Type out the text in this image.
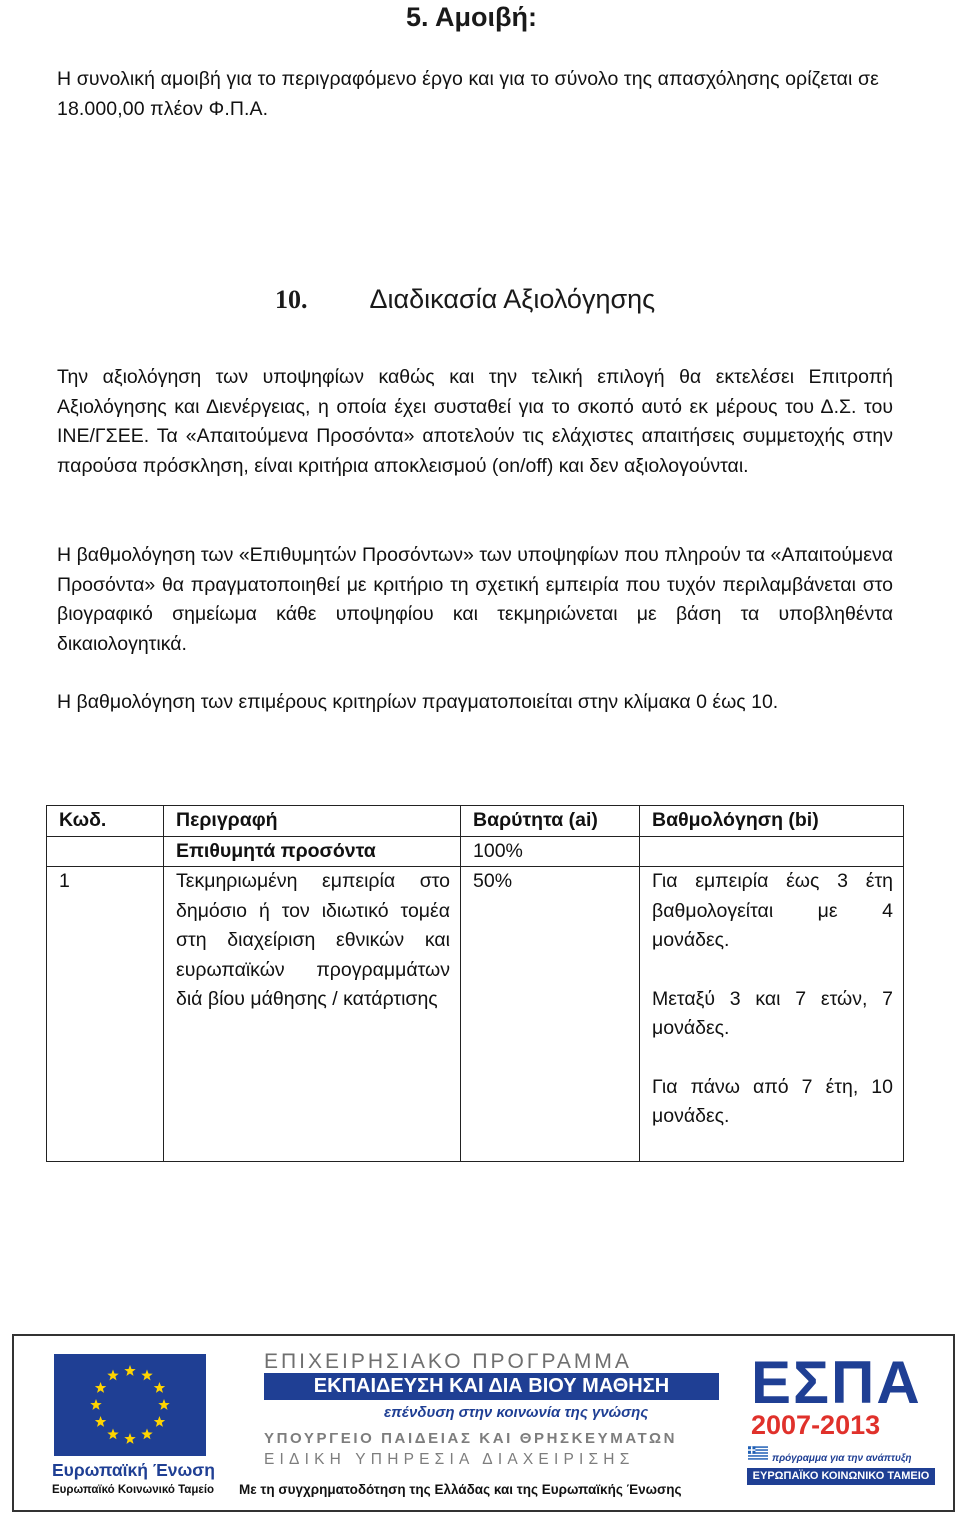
5. Αμοιβή:
Η συνολική αμοιβή για το περιγραφόμενο έργο και για το σύνολο της απασχόλησης ορίζεται σε 18.000,00 πλέον Φ.Π.Α.
10. Διαδικασία Αξιολόγησης
Την αξιολόγηση των υποψηφίων καθώς και την τελική επιλογή θα εκτελέσει Επιτροπή Αξιολόγησης και Διενέργειας, η οποία έχει συσταθεί για το σκοπό αυτό εκ μέρους του Δ.Σ. του ΙΝΕ/ΓΣΕΕ. Τα «Απαιτούμενα Προσόντα» αποτελούν τις ελάχιστες απαιτήσεις συμμετοχής στην παρούσα πρόσκληση, είναι κριτήρια αποκλεισμού (on/off) και δεν αξιολογούνται.
Η βαθμολόγηση των «Επιθυμητών Προσόντων» των υποψηφίων που πληρούν τα «Απαιτούμενα Προσόντα» θα πραγματοποιηθεί με κριτήριο τη σχετική εμπειρία που τυχόν περιλαμβάνεται στο βιογραφικό σημείωμα κάθε υποψηφίου και τεκμηριώνεται με βάση τα υποβληθέντα δικαιολογητικά.
Η βαθμολόγηση των επιμέρους κριτηρίων πραγματοποιείται στην κλίμακα 0 έως 10.
Κωδ.	Περιγραφή	Βαρύτητα (ai)	Βαθμολόγηση (bi)
	Επιθυμητά προσόντα	100%	
1	Τεκμηριωμένη εμπειρία στο δημόσιο ή τον ιδιωτικό τομέα στη διαχείριση εθνικών και ευρωπαϊκών προγραμμάτων διά βίου μάθησης / κατάρτισης	50%	Για εμπειρία έως 3 έτη βαθμολογείται με 4 μονάδες.
Μεταξύ 3 και 7 ετών, 7 μονάδες.
Για πάνω από 7 έτη, 10 μονάδες.
Ευρωπαϊκή Ένωση
Ευρωπαϊκό Κοινωνικό Ταμείο
ΕΠΙΧΕΙΡΗΣΙΑΚΟ ΠΡΟΓΡΑΜΜΑ
ΕΚΠΑΙΔΕΥΣΗ ΚΑΙ ΔΙΑ ΒΙΟΥ ΜΑΘΗΣΗ
επένδυση στην κοινωνία της γνώσης
ΥΠΟΥΡΓΕΙΟ ΠΑΙΔΕΙΑΣ ΚΑΙ ΘΡΗΣΚΕΥΜΑΤΩΝ
ΕΙΔΙΚΗ ΥΠΗΡΕΣΙΑ ΔΙΑΧΕΙΡΙΣΗΣ
Με τη συγχρηματοδότηση της Ελλάδας και της Ευρωπαϊκής Ένωσης
ΕΣΠΑ
2007-2013
πρόγραμμα για την ανάπτυξη
ΕΥΡΩΠΑΪΚΟ ΚΟΙΝΩΝΙΚΟ ΤΑΜΕΙΟ
